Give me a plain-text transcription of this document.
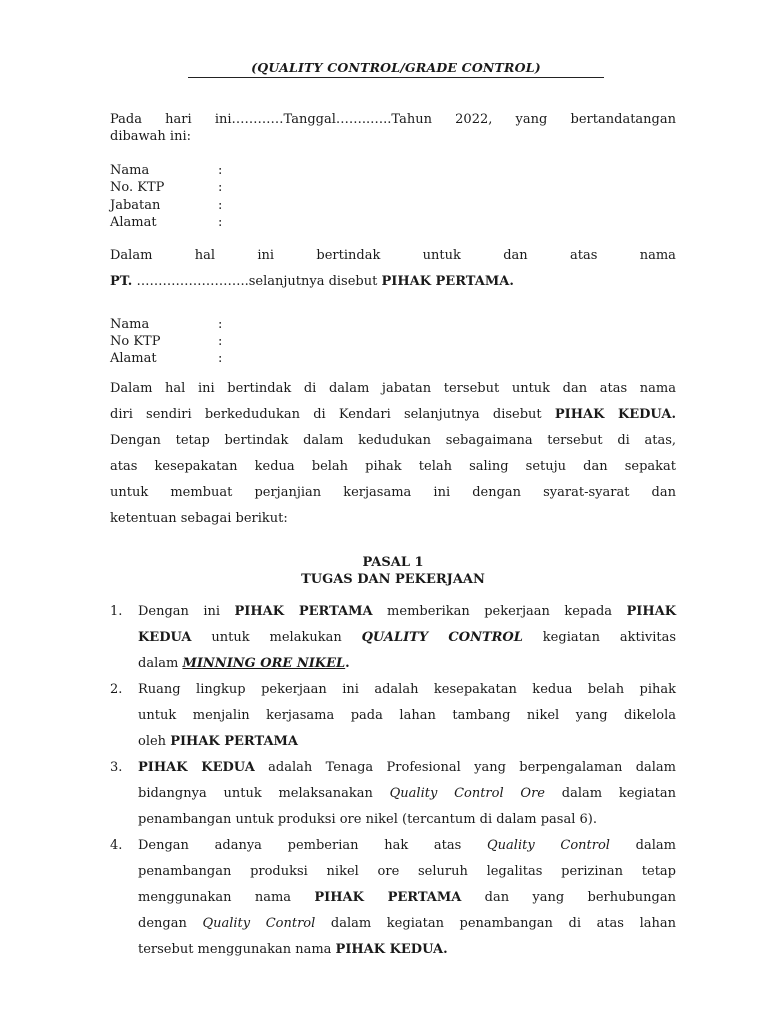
(QUALITY CONTROL/GRADE CONTROL)
Pada hari ini…………Tanggal……..…..Tahun 2022, yang bertandatangan
dibawah ini:
Nama	:
No. KTP	:
Jabatan	:
Alamat	:
Dalam	hal	ini	bertindak	untuk	dan	atas	nama
PT. ……………………..selanjutnya disebut PIHAK PERTAMA.
Nama	:
No KTP	:
Alamat	:

Dalam hal ini bertindak di dalam jabatan tersebut untuk dan atas nama

diri sendiri berkedudukan di Kendari selanjutnya disebut PIHAK KEDUA.

Dengan tetap bertindak dalam kedudukan sebagaimana tersebut di atas,

atas kesepakatan kedua belah pihak telah saling setuju dan sepakat

untuk membuat perjanjian kerjasama ini dengan syarat-syarat dan

ketentuan sebagai berikut:

PASAL 1
TUGAS DAN PEKERJAAN
1. Dengan ini PIHAK PERTAMA memberikan pekerjaan kepada PIHAK
KEDUA untuk melakukan QUALITY CONTROL kegiatan aktivitas
dalam MINNING ORE NIKEL.
2. Ruang lingkup pekerjaan ini adalah kesepakatan kedua belah pihak
untuk menjalin kerjasama pada lahan tambang nikel yang dikelola
oleh PIHAK PERTAMA
3. PIHAK KEDUA adalah Tenaga Profesional yang berpengalaman dalam
bidangnya untuk melaksanakan Quality Control Ore dalam kegiatan
penambangan untuk produksi ore nikel (tercantum di dalam pasal 6).
4. Dengan adanya pemberian hak atas Quality Control dalam
penambangan produksi nikel ore seluruh legalitas perizinan tetap
menggunakan nama PIHAK PERTAMA dan yang berhubungan
dengan Quality Control dalam kegiatan penambangan di atas lahan
tersebut menggunakan nama PIHAK KEDUA.
